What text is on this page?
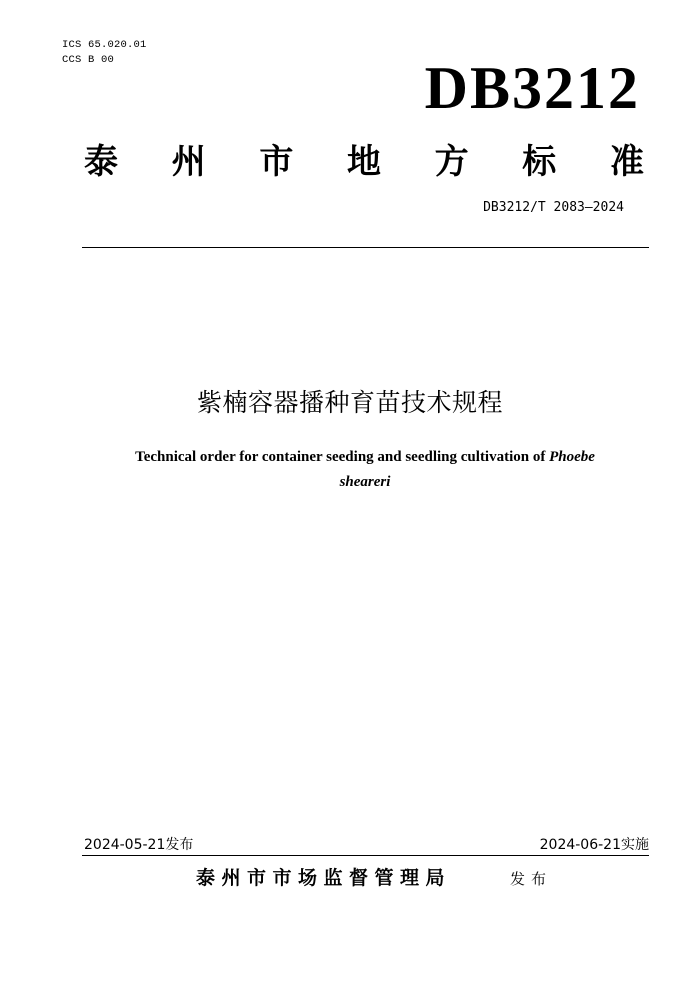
ICS 65.020.01
CCS B 00	DB3212
泰 州 市 地 方 标 准
DB3212/T 2083—2024
紫楠容器播种育苗技术规程
Technical order for container seeding and seedling cultivation of Phoebe
sheareri
2024-05-21发布	2024-06-21实施
泰州市市场监督管理局	发布
